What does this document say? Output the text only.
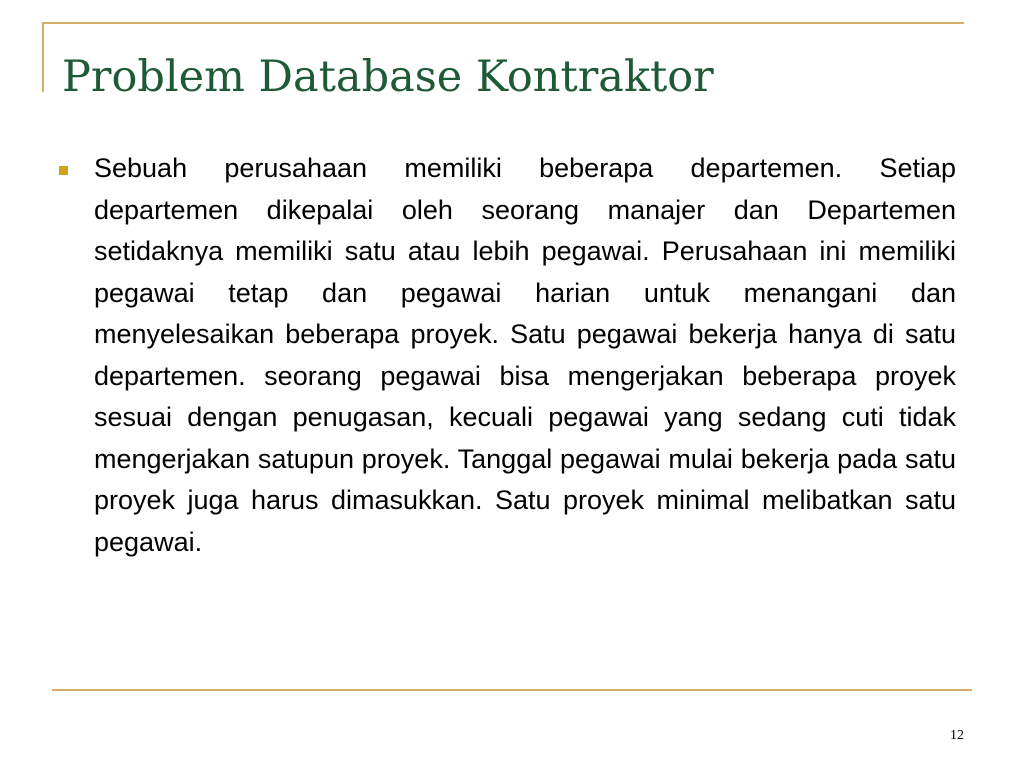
Problem Database Kontraktor
Sebuah perusahaan memiliki beberapa departemen. Setiap departemen dikepalai oleh seorang manajer dan Departemen setidaknya memiliki satu atau lebih pegawai. Perusahaan ini memiliki pegawai tetap dan pegawai harian untuk menangani dan menyelesaikan beberapa proyek. Satu pegawai bekerja hanya di satu departemen. seorang pegawai bisa mengerjakan beberapa proyek sesuai dengan penugasan, kecuali pegawai yang sedang cuti tidak mengerjakan satupun proyek. Tanggal pegawai mulai bekerja pada satu proyek juga harus dimasukkan. Satu proyek minimal melibatkan satu pegawai.
12
